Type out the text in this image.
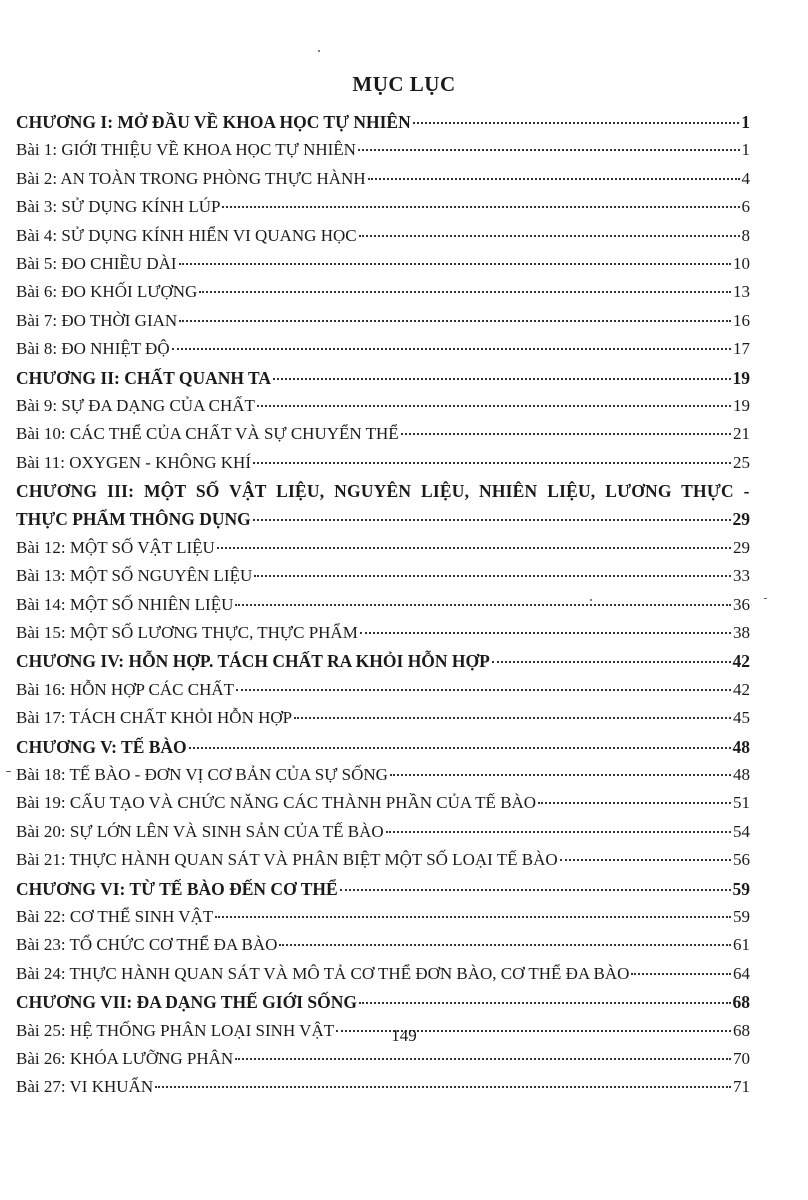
MỤC LỤC
CHƯƠNG I: MỞ ĐẦU VỀ KHOA HỌC TỰ NHIÊN	1
Bài 1: GIỚI THIỆU VỀ KHOA HỌC TỰ NHIÊN	1
Bài 2: AN TOÀN TRONG PHÒNG THỰC HÀNH	4
Bài 3: SỬ DỤNG KÍNH LÚP	6
Bài 4: SỬ DỤNG KÍNH HIỂN VI QUANG HỌC	8
Bài 5: ĐO CHIỀU DÀI	10
Bài 6: ĐO KHỐI LƯỢNG	13
Bài 7: ĐO THỜI GIAN	16
Bài 8: ĐO NHIỆT ĐỘ	17
CHƯƠNG II: CHẤT QUANH TA	19
Bài 9: SỰ ĐA DẠNG CỦA CHẤT	19
Bài 10: CÁC THỂ CỦA CHẤT VÀ SỰ CHUYỂN THỂ	21
Bài 11: OXYGEN - KHÔNG KHÍ	25
CHƯƠNG III: MỘT SỐ VẬT LIỆU, NGUYÊN LIỆU, NHIÊN LIỆU, LƯƠNG THỰC -
THỰC PHẨM THÔNG DỤNG	29
Bài 12: MỘT SỐ VẬT LIỆU	29
Bài 13: MỘT SỐ NGUYÊN LIỆU	33
Bài 14: MỘT SỐ NHIÊN LIỆU	36
Bài 15: MỘT SỐ LƯƠNG THỰC, THỰC PHẨM	38
CHƯƠNG IV: HỖN HỢP. TÁCH CHẤT RA KHỎI HỖN HỢP	42
Bài 16: HỖN HỢP CÁC CHẤT	42
Bài 17: TÁCH CHẤT KHỎI HỖN HỢP	45
CHƯƠNG V: TẾ BÀO	48
Bài 18: TẾ BÀO - ĐƠN VỊ CƠ BẢN CỦA SỰ SỐNG	48
Bài 19: CẤU TẠO VÀ CHỨC NĂNG CÁC THÀNH PHẦN CỦA TẾ BÀO	51
Bài 20: SỰ LỚN LÊN VÀ SINH SẢN CỦA TẾ BÀO	54
Bài 21: THỰC HÀNH QUAN SÁT VÀ PHÂN BIỆT MỘT SỐ LOẠI TẾ BÀO	56
CHƯƠNG VI: TỪ TẾ BÀO ĐẾN CƠ THỂ	59
Bài 22: CƠ THỂ SINH VẬT	59
Bài 23: TỔ CHỨC CƠ THỂ ĐA BÀO	61
Bài 24: THỰC HÀNH QUAN SÁT VÀ MÔ TẢ CƠ THỂ ĐƠN BÀO, CƠ THỂ ĐA BÀO	64
CHƯƠNG VII: ĐA DẠNG THẾ GIỚI SỐNG	68
Bài 25: HỆ THỐNG PHÂN LOẠI SINH VẬT	68
Bài 26: KHÓA LƯỠNG PHÂN	70
Bài 27: VI KHUẨN	71
149
